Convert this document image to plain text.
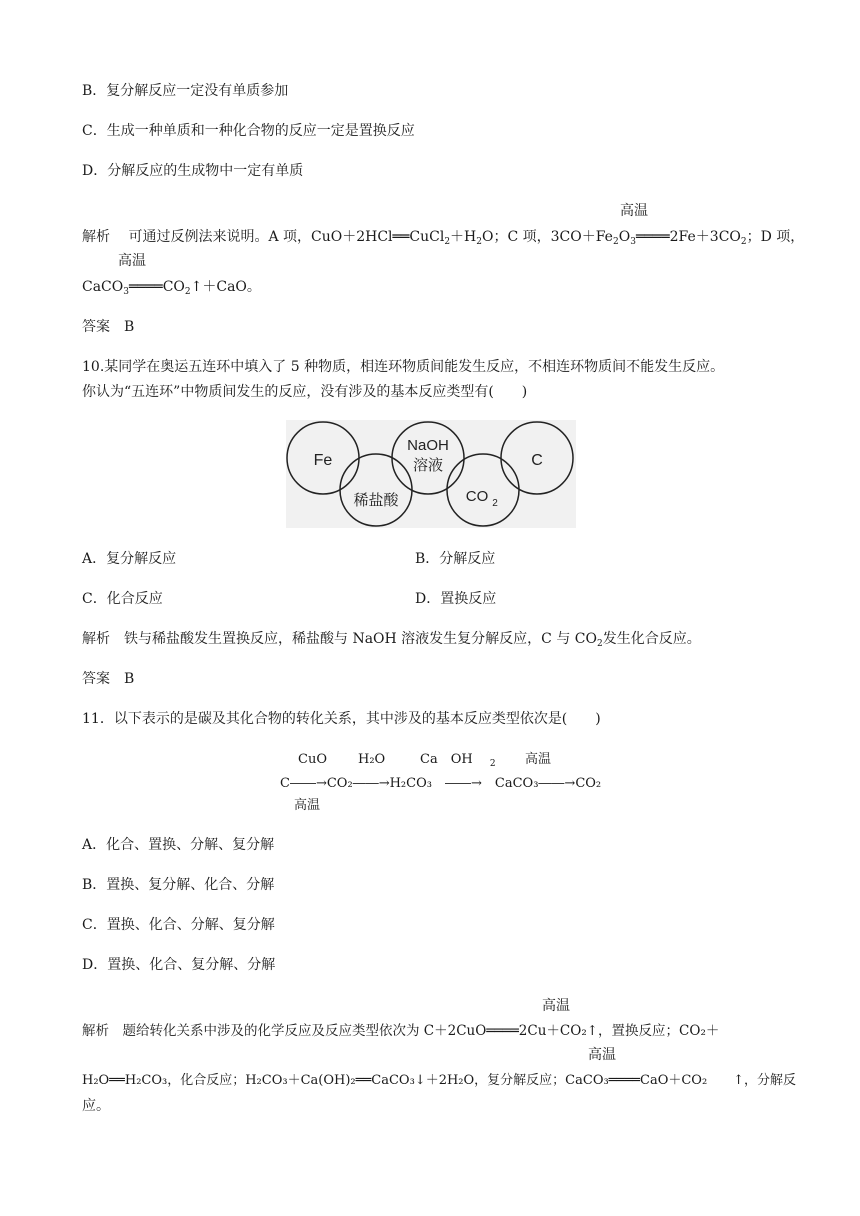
B．复分解反应一定没有单质参加
C．生成一种单质和一种化合物的反应一定是置换反应
D．分解反应的生成物中一定有单质
高温
解析　 可通过反例法来说明。A 项，$CuO+2HCl══CuCl_2+H_2O$；C 项，$3CO+Fe_2O_3════2Fe+3CO_2$；D 项，
高温
$CaCO_3════CO_2↑+CaO$。
答案　B
10.某同学在奥运五连环中填入了 5 种物质，相连环物质间能发生反应，不相连环物质间不能发生反应。
你认为“五连环”中物质间发生的反应，没有涉及的基本反应类型有(　　)
Fe
NaOH
溶液	C
稀盐酸	CO 2
A．复分解反应	B．分解反应
C．化合反应	D．置换反应
解析　铁与稀盐酸发生置换反应，稀盐酸与 NaOH 溶液发生复分解反应，C 与 $CO_2$发生化合反应。
答案　B
11．以下表示的是碳及其化合物的转化关系，其中涉及的基本反应类型依次是(　　)
CuO H₂O	Ca　OH　 $_2$ 高温
C――→CO₂――→H₂CO₃　 ――→　 CaCO₃――→CO₂
高温
A．化合、置换、分解、复分解
B．置换、复分解、化合、分解
C．置换、化合、分解、复分解
D．置换、化合、复分解、分解
高温
解析　题给转化关系中涉及的化学反应及反应类型依次为 C＋2CuO════2Cu＋CO₂↑，置换反应；CO₂＋
高温
H₂O══H₂CO₃，化合反应；H₂CO₃＋Ca(OH)₂══CaCO₃↓＋2H₂O，复分解反应；CaCO₃════CaO＋CO₂　　↑，分解反
应。
